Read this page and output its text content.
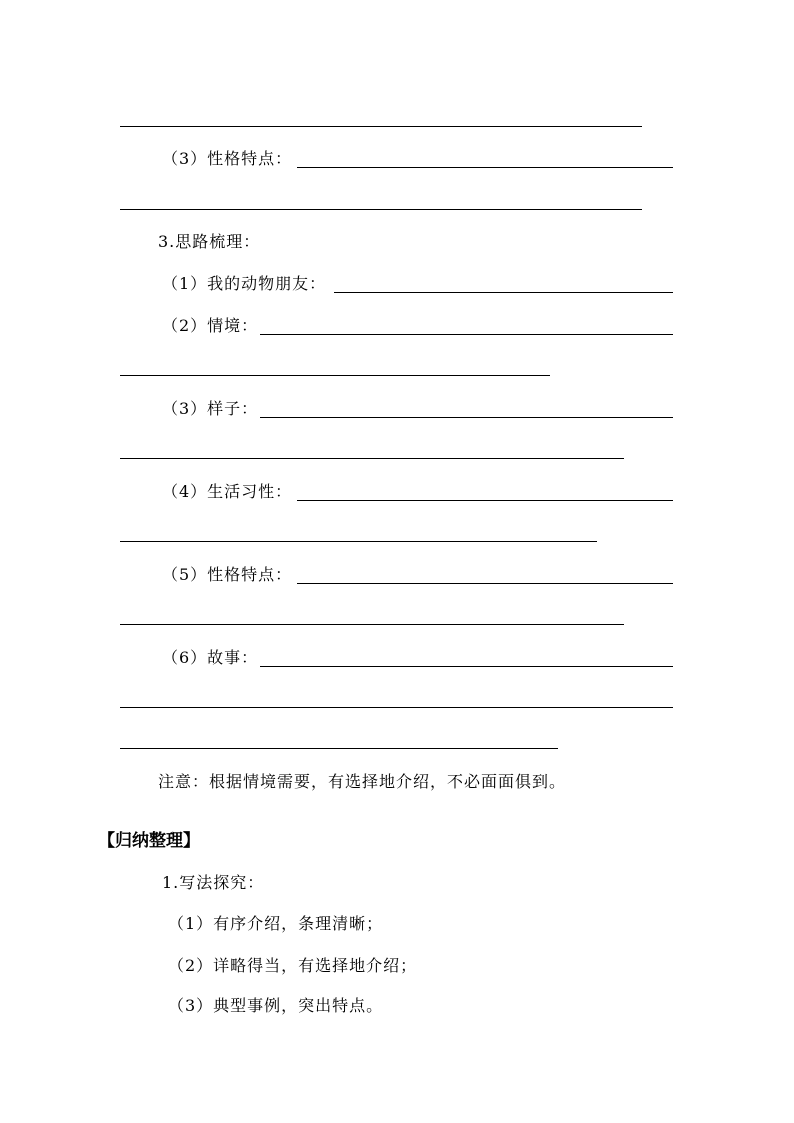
（3）性格特点：
3.思路梳理：
（1）我的动物朋友：
（2）情境：
（3）样子：
（4）生活习性：
（5）性格特点：
（6）故事：
注意：根据情境需要，有选择地介绍，不必面面俱到。
【归纳整理】
1.写法探究：
（1）有序介绍，条理清晰；
（2）详略得当，有选择地介绍；
（3）典型事例，突出特点。
